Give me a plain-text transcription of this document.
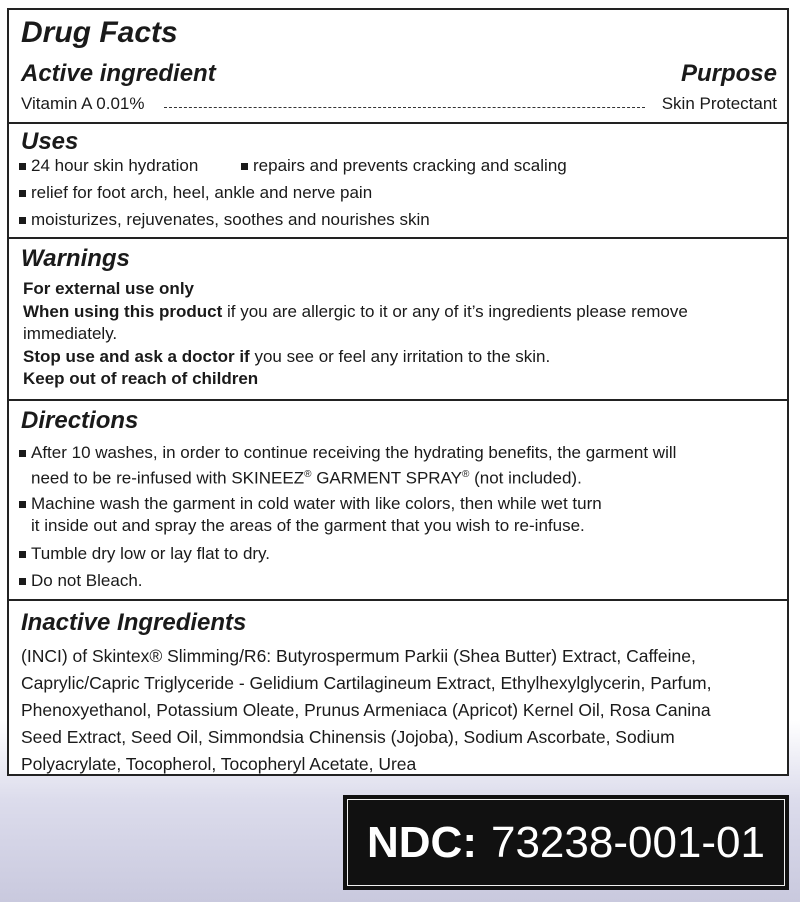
Drug Facts
Active ingredient	Purpose
Vitamin A 0.01%	Skin Protectant
Uses
24 hour skin hydration	repairs and prevents cracking and scaling
relief for foot arch, heel, ankle and nerve pain
moisturizes, rejuvenates, soothes and nourishes skin
Warnings
For external use only
When using this product if you are allergic to it or any of it’s ingredients please remove
immediately.
Stop use and ask a doctor if you see or feel any irritation to the skin.
Keep out of reach of children
Directions
After 10 washes, in order to continue receiving the hydrating benefits, the garment will
need to be re-infused with SKINEEZ® GARMENT SPRAY® (not included).
Machine wash the garment in cold water with like colors, then while wet turn
it inside out and spray the areas of the garment that you wish to re-infuse.
Tumble dry low or lay flat to dry.
Do not Bleach.
Inactive Ingredients
(INCI) of Skintex® Slimming/R6: Butyrospermum Parkii (Shea Butter) Extract, Caffeine,
Caprylic/Capric Triglyceride - Gelidium Cartilagineum Extract, Ethylhexylglycerin, Parfum,
Phenoxyethanol, Potassium Oleate, Prunus Armeniaca (Apricot) Kernel Oil, Rosa Canina
Seed Extract, Seed Oil, Simmondsia Chinensis (Jojoba), Sodium Ascorbate, Sodium
Polyacrylate, Tocopherol, Tocopheryl Acetate, Urea
NDC: 73238-001-01
